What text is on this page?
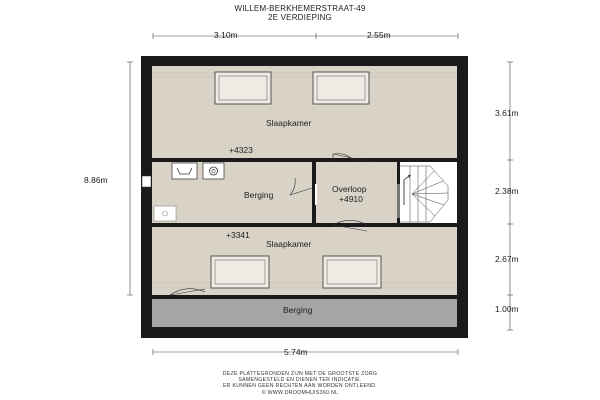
WILLEM-BERKHEMERSTRAAT-49
2E VERDIEPING
3.10m	2.55m
8.86m
3.61m
2.38m
2.67m
1.00m
5.74m
Slaapkamer
+4323
Berging
Overloop
+4910
+3341
Slaapkamer
Berging
DEZE PLATTEGRONDEN ZIJN MET DE GROOTSTE ZORG
SAMENGESTELD EN DIENEN TER INDICATIE.
ER KUNNEN GEEN RECHTEN AAN WORDEN ONTLEEND.
© WWW.DROOMHUIS360.NL
